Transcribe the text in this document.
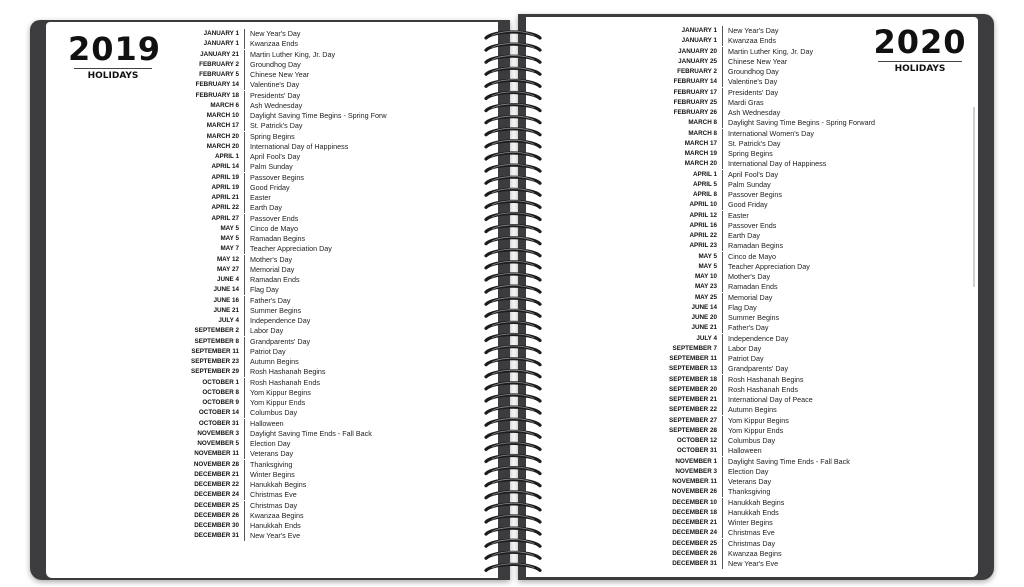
2019
HOLIDAYS
JANUARY 1	New Year's Day
JANUARY 1	Kwanzaa Ends
JANUARY 21	Martin Luther King, Jr. Day
FEBRUARY 2	Groundhog Day
FEBRUARY 5	Chinese New Year
FEBRUARY 14	Valentine's Day
FEBRUARY 18	Presidents' Day
MARCH 6	Ash Wednesday
MARCH 10	Daylight Saving Time Begins - Spring Forw
MARCH 17	St. Patrick's Day
MARCH 20	Spring Begins
MARCH 20	International Day of Happiness
APRIL 1	April Fool's Day
APRIL 14	Palm Sunday
APRIL 19	Passover Begins
APRIL 19	Good Friday
APRIL 21	Easter
APRIL 22	Earth Day
APRIL 27	Passover Ends
MAY 5	Cinco de Mayo
MAY 5	Ramadan Begins
MAY 7	Teacher Appreciation Day
MAY 12	Mother's Day
MAY 27	Memorial Day
JUNE 4	Ramadan Ends
JUNE 14	Flag Day
JUNE 16	Father's Day
JUNE 21	Summer Begins
JULY 4	Independence Day
SEPTEMBER 2	Labor Day
SEPTEMBER 8	Grandparents' Day
SEPTEMBER 11	Patriot Day
SEPTEMBER 23	Autumn Begins
SEPTEMBER 29	Rosh Hashanah Begins
OCTOBER 1	Rosh Hashanah Ends
OCTOBER 8	Yom Kippur Begins
OCTOBER 9	Yom Kippur Ends
OCTOBER 14	Columbus Day
OCTOBER 31	Halloween
NOVEMBER 3	Daylight Saving Time Ends - Fall Back
NOVEMBER 5	Election Day
NOVEMBER 11	Veterans Day
NOVEMBER 28	Thanksgiving
DECEMBER 21	Winter Begins
DECEMBER 22	Hanukkah Begins
DECEMBER 24	Christmas Eve
DECEMBER 25	Christmas Day
DECEMBER 26	Kwanzaa Begins
DECEMBER 30	Hanukkah Ends
DECEMBER 31	New Year's Eve
2020
HOLIDAYS
JANUARY 1	New Year's Day
JANUARY 1	Kwanzaa Ends
JANUARY 20	Martin Luther King, Jr. Day
JANUARY 25	Chinese New Year
FEBRUARY 2	Groundhog Day
FEBRUARY 14	Valentine's Day
FEBRUARY 17	Presidents' Day
FEBRUARY 25	Mardi Gras
FEBRUARY 26	Ash Wednesday
MARCH 8	Daylight Saving Time Begins - Spring Forward
MARCH 8	International Women's Day
MARCH 17	St. Patrick's Day
MARCH 19	Spring Begins
MARCH 20	International Day of Happiness
APRIL 1	April Fool's Day
APRIL 5	Palm Sunday
APRIL 8	Passover Begins
APRIL 10	Good Friday
APRIL 12	Easter
APRIL 16	Passover Ends
APRIL 22	Earth Day
APRIL 23	Ramadan Begins
MAY 5	Cinco de Mayo
MAY 5	Teacher Appreciation Day
MAY 10	Mother's Day
MAY 23	Ramadan Ends
MAY 25	Memorial Day
JUNE 14	Flag Day
JUNE 20	Summer Begins
JUNE 21	Father's Day
JULY 4	Independence Day
SEPTEMBER 7	Labor Day
SEPTEMBER 11	Patriot Day
SEPTEMBER 13	Grandparents' Day
SEPTEMBER 18	Rosh Hashanah Begins
SEPTEMBER 20	Rosh Hashanah Ends
SEPTEMBER 21	International Day of Peace
SEPTEMBER 22	Autumn Begins
SEPTEMBER 27	Yom Kippur Begins
SEPTEMBER 28	Yom Kippur Ends
OCTOBER 12	Columbus Day
OCTOBER 31	Halloween
NOVEMBER 1	Daylight Saving Time Ends - Fall Back
NOVEMBER 3	Election Day
NOVEMBER 11	Veterans Day
NOVEMBER 26	Thanksgiving
DECEMBER 10	Hanukkah Begins
DECEMBER 18	Hanukkah Ends
DECEMBER 21	Winter Begins
DECEMBER 24	Christmas Eve
DECEMBER 25	Christmas Day
DECEMBER 26	Kwanzaa Begins
DECEMBER 31	New Year's Eve
